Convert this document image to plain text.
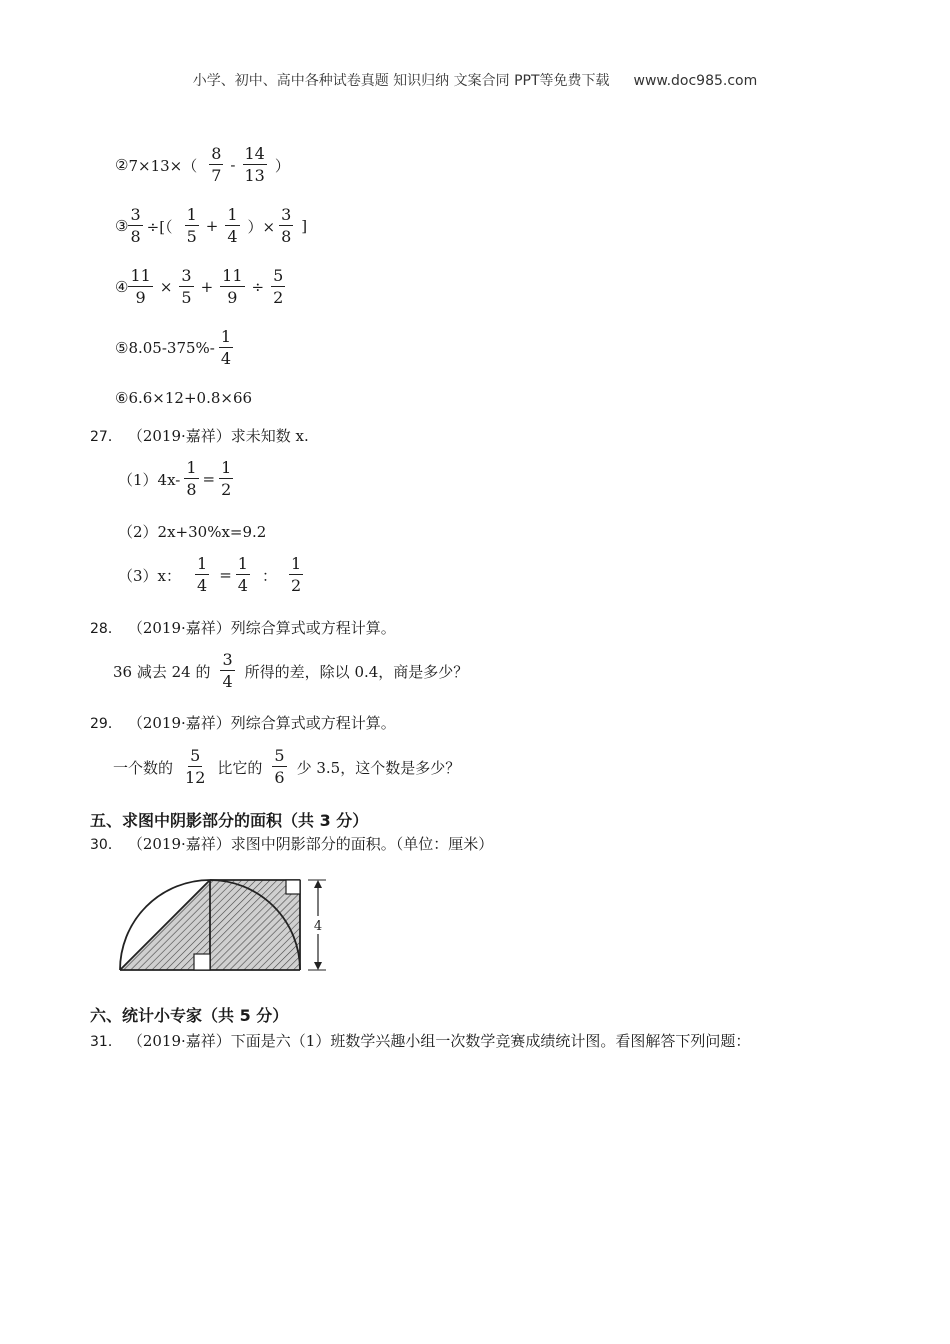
小学、初中、高中各种试卷真题 知识归纳 文案合同 PPT等免费下载 www.doc985.com
② $7\times 13\times( \frac{8}{7} - \frac{14}{13}$ ）
③ $\frac{3}{8}$ ÷[（ $\frac{1}{5} + \frac{1}{4}$ ）× $\frac{3}{8}$ ]
④ $\frac{11}{9} \times \frac{3}{5} + \frac{11}{9} \div \frac{5}{2}$
⑤ $8.05-375\%- \frac{1}{4}$
⑥ 6.6×12+0.8×66
27． （2019·嘉祥）求未知数 x.
$(1)4x- \frac{1}{8} = \frac{1}{2}$
（2）2x+30%x=9.2
（3）x： $\frac{1}{4} = \frac{1}{4}$ ： $\frac{1}{2}$
28． （2019·嘉祥）列综合算式或方程计算。
36 减去 24 的 $\frac{3}{4}$ 所得的差，除以 0.4，商是多少？
29． （2019·嘉祥）列综合算式或方程计算。
一个数的 $\frac{5}{12}$ 比它的 $\frac{5}{6}$ 少 3.5，这个数是多少？
五、求图中阴影部分的面积（共 3 分）
30． （2019·嘉祥）求图中阴影部分的面积。（单位：厘米）
4
六、统计小专家（共 5 分）
31． （2019·嘉祥）下面是六（1）班数学兴趣小组一次数学竞赛成绩统计图。看图解答下列问题：
